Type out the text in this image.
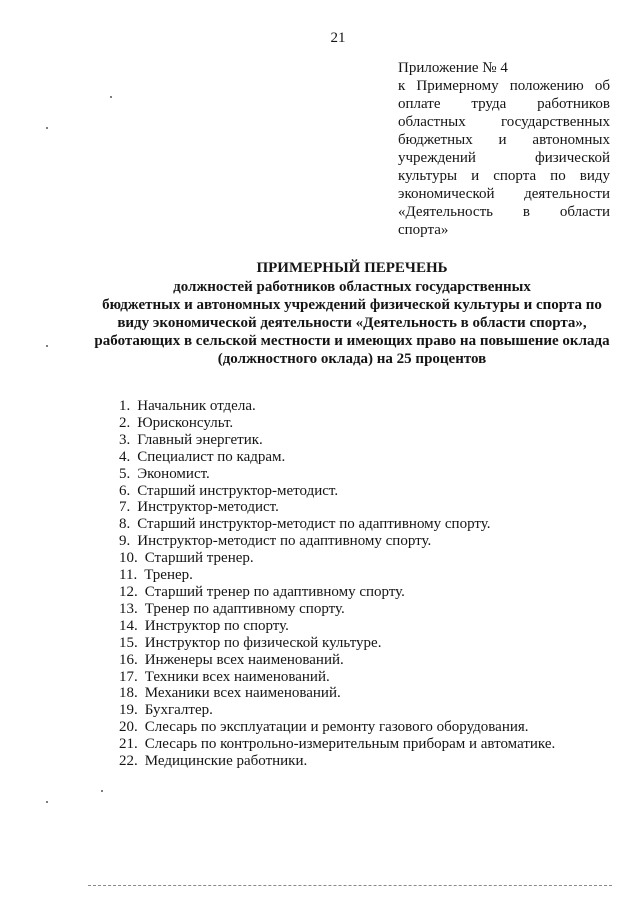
21
Приложение № 4
к Примерному положению об
оплате труда работников
областных государственных
бюджетных и автономных
учреждений физической
культуры и спорта по виду
экономической деятельности
«Деятельность в области
спорта»
ПРИМЕРНЫЙ ПЕРЕЧЕНЬ
должностей работников областных государственных
бюджетных и автономных учреждений физической культуры и спорта по
виду экономической деятельности «Деятельность в области спорта»,
работающих в сельской местности и имеющих право на повышение оклада
(должностного оклада) на 25 процентов
1. Начальник отдела.
2. Юрисконсульт.
3. Главный энергетик.
4. Специалист по кадрам.
5. Экономист.
6. Старший инструктор-методист.
7. Инструктор-методист.
8. Старший инструктор-методист по адаптивному спорту.
9. Инструктор-методист по адаптивному спорту.
10. Старший тренер.
11. Тренер.
12. Старший тренер по адаптивному спорту.
13. Тренер по адаптивному спорту.
14. Инструктор по спорту.
15. Инструктор по физической культуре.
16. Инженеры всех наименований.
17. Техники всех наименований.
18. Механики всех наименований.
19. Бухгалтер.
20. Слесарь по эксплуатации и ремонту газового оборудования.
21. Слесарь по контрольно-измерительным приборам и автоматике.
22. Медицинские работники.
